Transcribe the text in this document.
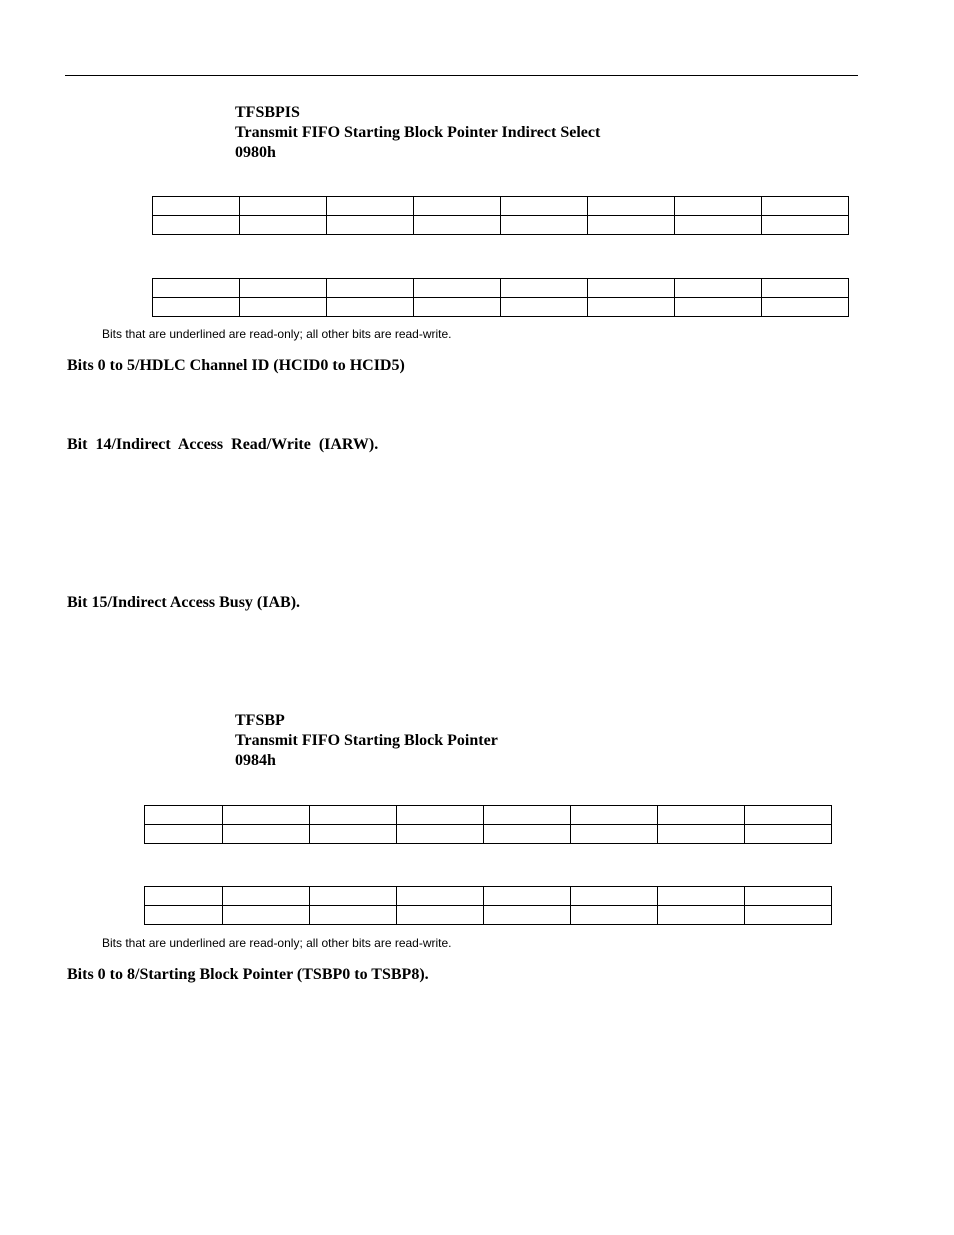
TFSBPIS
Transmit FIFO Starting Block Pointer Indirect Select
0980h

Bits that are underlined are read-only; all other bits are read-write.
Bits 0 to 5/HDLC Channel ID (HCID0 to HCID5)
Bit  14/Indirect  Access  Read/Write  (IARW).
Bit 15/Indirect Access Busy (IAB).
TFSBP
Transmit FIFO Starting Block Pointer
0984h

Bits that are underlined are read-only; all other bits are read-write.
Bits 0 to 8/Starting Block Pointer (TSBP0 to TSBP8).
